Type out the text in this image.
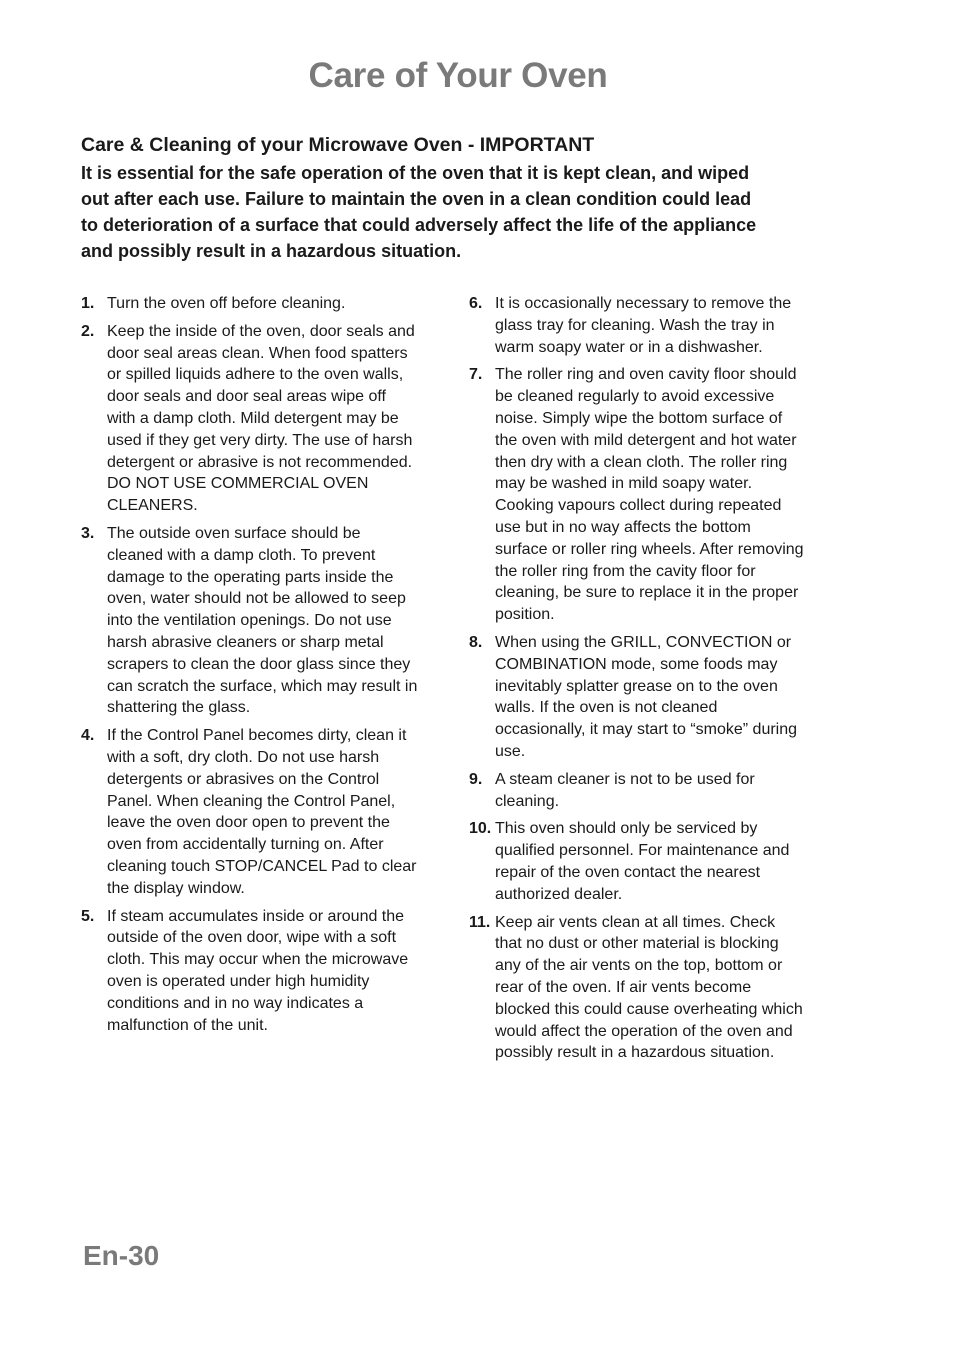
Care of Your Oven
Care & Cleaning of your Microwave Oven - IMPORTANT
It is essential for the safe operation of the oven that it is kept clean, and wiped
out after each use. Failure to maintain the oven in a clean condition could lead
to deterioration of a surface that could adversely affect the life of the appliance
and possibly result in a hazardous situation.
1. Turn the oven off before cleaning.
2. Keep the inside of the oven, door seals and
door seal areas clean. When food spatters
or spilled liquids adhere to the oven walls,
door seals and door seal areas wipe off
with a damp cloth. Mild detergent may be
used if they get very dirty. The use of harsh
detergent or abrasive is not recommended.
DO NOT USE COMMERCIAL OVEN
CLEANERS.
3. The outside oven surface should be
cleaned with a damp cloth. To prevent
damage to the operating parts inside the
oven, water should not be allowed to seep
into the ventilation openings. Do not use
harsh abrasive cleaners or sharp metal
scrapers to clean the door glass since they
can scratch the surface, which may result in
shattering the glass.
4. If the Control Panel becomes dirty, clean it
with a soft, dry cloth. Do not use harsh
detergents or abrasives on the Control
Panel. When cleaning the Control Panel,
leave the oven door open to prevent the
oven from accidentally turning on. After
cleaning touch STOP/CANCEL Pad to clear
the display window.
5. If steam accumulates inside or around the
outside of the oven door, wipe with a soft
cloth. This may occur when the microwave
oven is operated under high humidity
conditions and in no way indicates a
malfunction of the unit.
6. It is occasionally necessary to remove the
glass tray for cleaning. Wash the tray in
warm soapy water or in a dishwasher.
7. The roller ring and oven cavity floor should
be cleaned regularly to avoid excessive
noise. Simply wipe the bottom surface of
the oven with mild detergent and hot water
then dry with a clean cloth. The roller ring
may be washed in mild soapy water.
Cooking vapours collect during repeated
use but in no way affects the bottom
surface or roller ring wheels. After removing
the roller ring from the cavity floor for
cleaning, be sure to replace it in the proper
position.
8. When using the GRILL, CONVECTION or
COMBINATION mode, some foods may
inevitably splatter grease on to the oven
walls. If the oven is not cleaned
occasionally, it may start to “smoke” during
use.
9. A steam cleaner is not to be used for
cleaning.
10. This oven should only be serviced by
qualified personnel. For maintenance and
repair of the oven contact the nearest
authorized dealer.
11. Keep air vents clean at all times. Check
that no dust or other material is blocking
any of the air vents on the top, bottom or
rear of the oven. If air vents become
blocked this could cause overheating which
would affect the operation of the oven and
possibly result in a hazardous situation.
En-30
